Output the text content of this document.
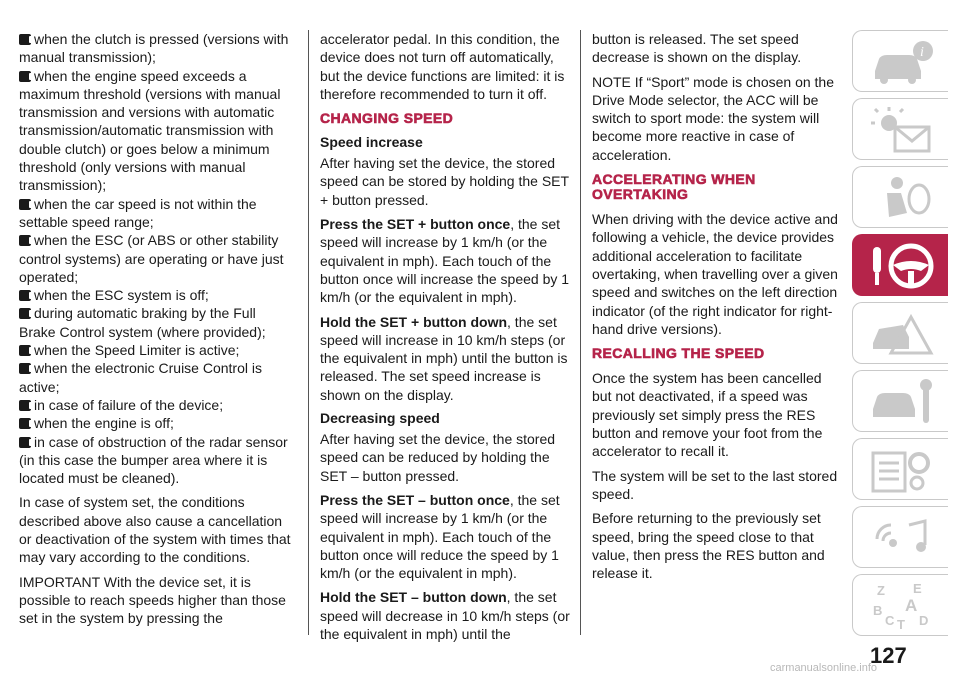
when the clutch is pressed (versions with manual transmission);

when the engine speed exceeds a maximum threshold (versions with manual transmission and versions with automatic transmission/automatic transmission with double clutch) or goes below a minimum threshold (only versions with manual transmission);

when the car speed is not within the settable speed range;

when the ESC (or ABS or other stability control systems) are operating or have just operated;

when the ESC system is off;

during automatic braking by the Full Brake Control system (where provided);

when the Speed Limiter is active;

when the electronic Cruise Control is active;

in case of failure of the device;

when the engine is off;

in case of obstruction of the radar sensor (in this case the bumper area where it is located must be cleaned).

In case of system set, the conditions described above also cause a cancellation or deactivation of the system with times that may vary according to the conditions.

IMPORTANT With the device set, it is possible to reach speeds higher than those set in the system by pressing the

accelerator pedal. In this condition, the device does not turn off automatically, but the device functions are limited: it is therefore recommended to turn it off.

CHANGING SPEED
Speed increase

After having set the device, the stored speed can be stored by holding the SET + button pressed.

Press the SET + button once, the set speed will increase by 1 km/h (or the equivalent in mph). Each touch of the button once will increase the speed by 1 km/h (or the equivalent in mph).

Hold the SET + button down, the set speed will increase in 10 km/h steps (or the equivalent in mph) until the button is released. The set speed increase is shown on the display.

Decreasing speed

After having set the device, the stored speed can be reduced by holding the SET – button pressed.

Press the SET – button once, the set speed will increase by 1 km/h (or the equivalent in mph). Each touch of the button once will reduce the speed by 1 km/h (or the equivalent in mph).

Hold the SET – button down, the set speed will decrease in 10 km/h steps (or the equivalent in mph) until the

button is released. The set speed decrease is shown on the display.

NOTE If “Sport” mode is chosen on the Drive Mode selector, the ACC will be switch to sport mode: the system will become more reactive in case of acceleration.

ACCELERATING WHEN OVERTAKING

When driving with the device active and following a vehicle, the device provides additional acceleration to facilitate overtaking, when travelling over a given speed and switches on the left direction indicator (of the right indicator for right-hand drive versions).

RECALLING THE SPEED

Once the system has been cancelled but not deactivated, if a speed was previously set simply press the RES button and remove your foot from the accelerator to recall it.

The system will be set to the last stored speed.

Before returning to the previously set speed, bring the speed close to that value, then press the RES button and release it.

i
Z E
A
B
C T D
127
carmanualsonline.info
